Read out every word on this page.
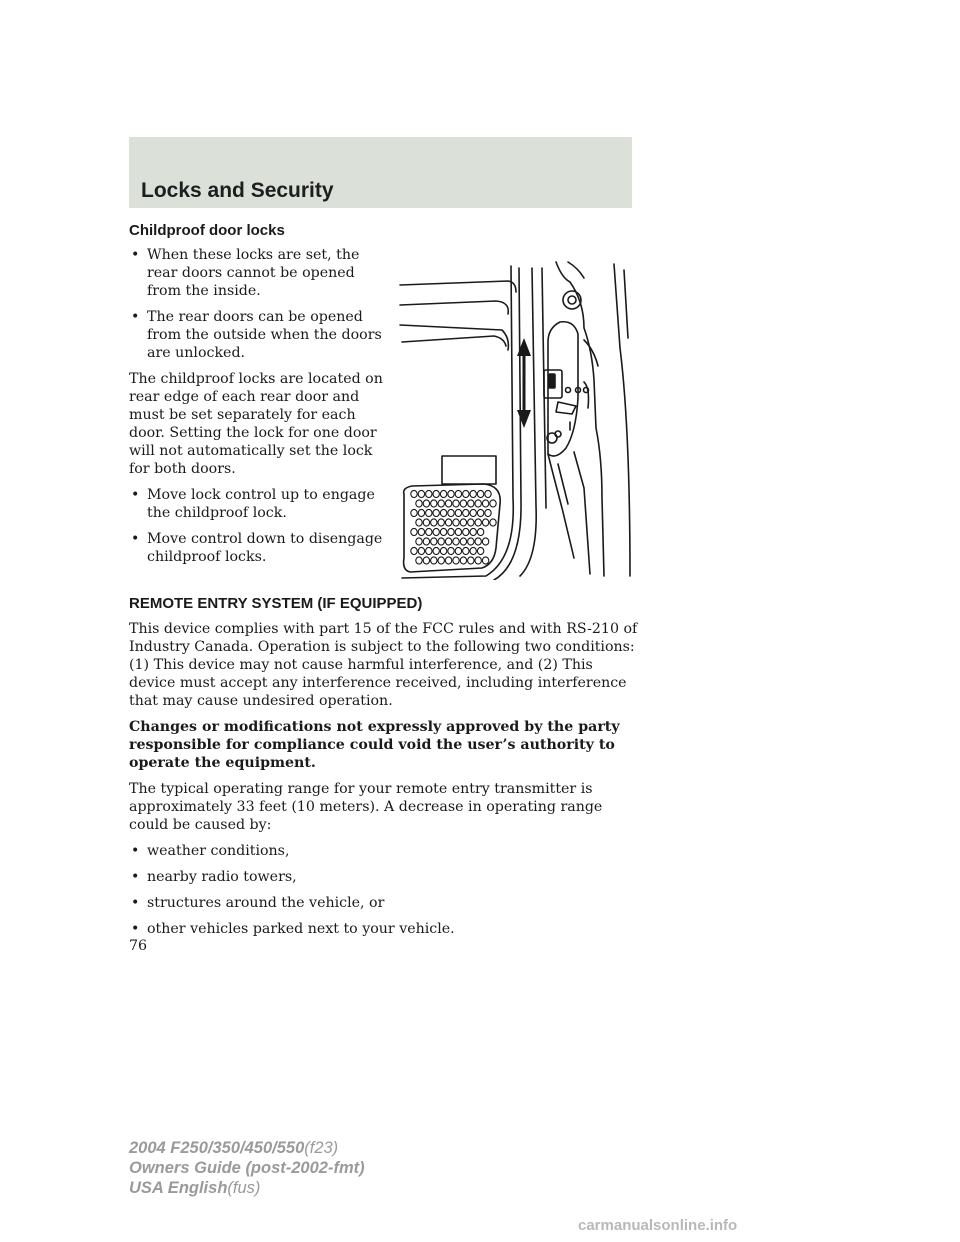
Locks and Security
Childproof door locks

• When these locks are set, the rear doors cannot be opened from the inside.

• The rear doors can be opened from the outside when the doors are unlocked.

The childproof locks are located on rear edge of each rear door and must be set separately for each door. Setting the lock for one door will not automatically set the lock for both doors.

• Move lock control up to engage the childproof lock.

• Move control down to disengage childproof locks.

REMOTE ENTRY SYSTEM (IF EQUIPPED)

This device complies with part 15 of the FCC rules and with RS-210 of Industry Canada. Operation is subject to the following two conditions: (1) This device may not cause harmful interference, and (2) This device must accept any interference received, including interference that may cause undesired operation.

Changes or modifications not expressly approved by the party responsible for compliance could void the user’s authority to operate the equipment.

The typical operating range for your remote entry transmitter is approximately 33 feet (10 meters). A decrease in operating range could be caused by:

• weather conditions,

• nearby radio towers,

• structures around the vehicle, or

• other vehicles parked next to your vehicle.

76

2004 F250/350/450/550(f23)
Owners Guide (post-2002-fmt)
USA English(fus)
carmanualsonline.info
